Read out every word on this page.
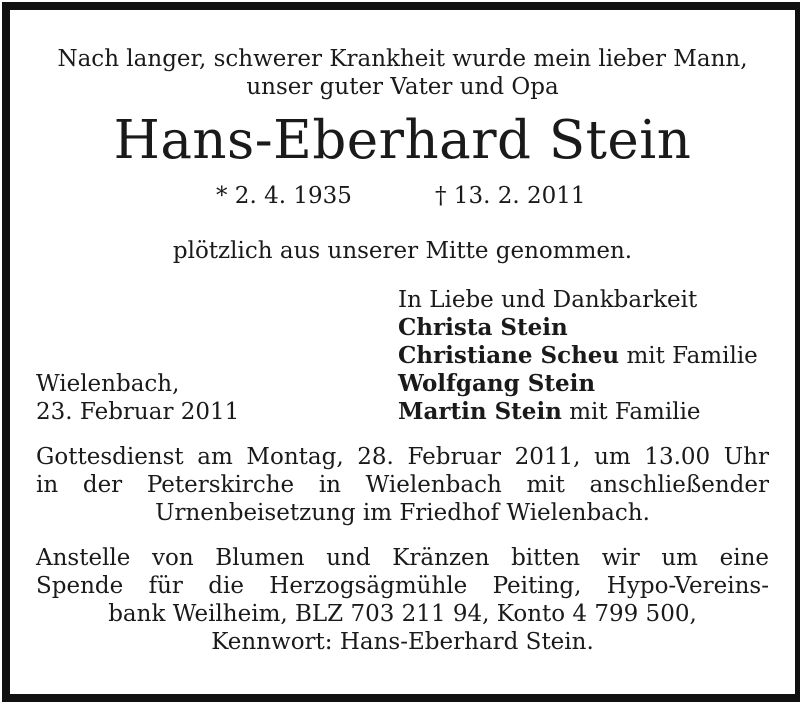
Nach langer, schwerer Krankheit wurde mein lieber Mann,
unser guter Vater und Opa
Hans-Eberhard Stein
* 2. 4. 1935	† 13. 2. 2011
plötzlich aus unserer Mitte genommen.
In Liebe und Dankbarkeit
Christa Stein
Christiane Scheu mit Familie
Wolfgang Stein
Martin Stein mit Familie
Wielenbach,
23. Februar 2011
Gottesdienst am Montag, 28. Februar 2011, um 13.00 Uhr
in der Peterskirche in Wielenbach mit anschließender
Urnenbeisetzung im Friedhof Wielenbach.
Anstelle von Blumen und Kränzen bitten wir um eine
Spende für die Herzogsägmühle Peiting, Hypo-Vereins-
bank Weilheim, BLZ 703 211 94, Konto 4 799 500,
Kennwort: Hans-Eberhard Stein.
